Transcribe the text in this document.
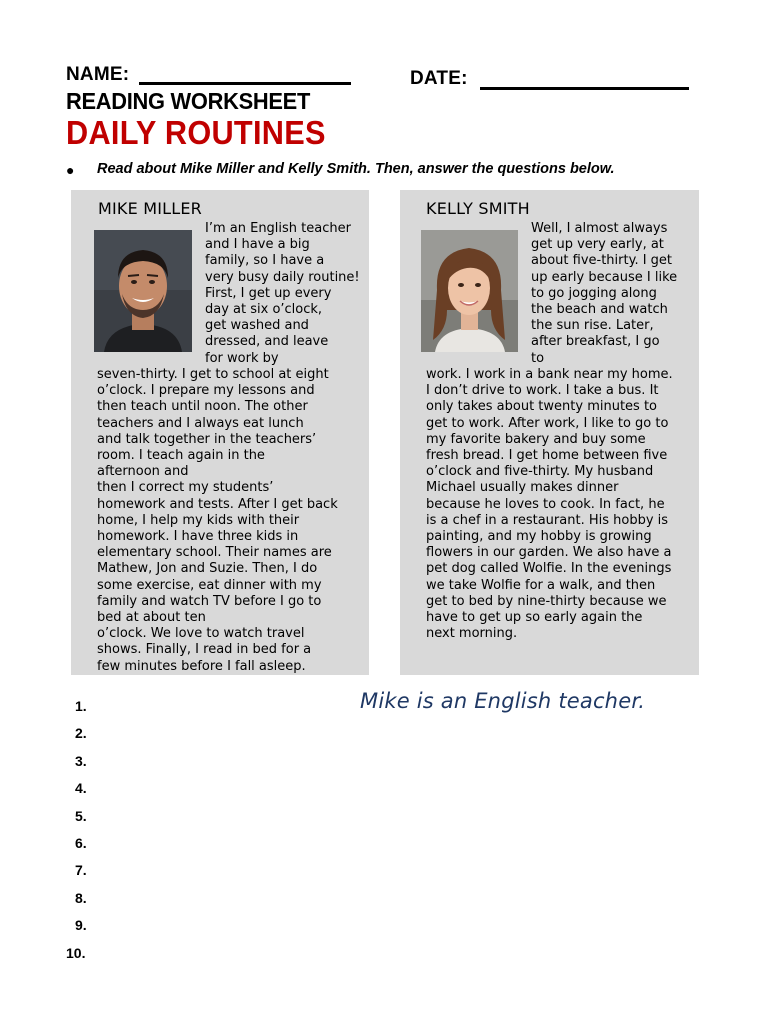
NAME:	DATE:
READING WORKSHEET
DAILY ROUTINES
● Read about Mike Miller and Kelly Smith. Then, answer the questions below.
MIKE MILLER
I’m an English teacher
and I have a big
family, so I have a
very busy daily routine!
First, I get up every
day at six o’clock,
get washed and
dressed, and leave
for work by
seven-thirty. I get to school at eight
o’clock. I prepare my lessons and
then teach until noon. The other
teachers and I always eat lunch
and talk together in the teachers’
room. I teach again in the
afternoon and
then I correct my students’
homework and tests. After I get back
home, I help my kids with their
homework. I have three kids in
elementary school. Their names are
Mathew, Jon and Suzie. Then, I do
some exercise, eat dinner with my
family and watch TV before I go to
bed at about ten
o’clock. We love to watch travel
shows. Finally, I read in bed for a
few minutes before I fall asleep.
KELLY SMITH
Well, I almost always
get up very early, at
about five-thirty. I get
up early because I like
to go jogging along
the beach and watch
the sun rise. Later,
after breakfast, I go
to
work. I work in a bank near my home.
I don’t drive to work. I take a bus. It
only takes about twenty minutes to
get to work. After work, I like to go to
my favorite bakery and buy some
fresh bread. I get home between five
o’clock and five-thirty. My husband
Michael usually makes dinner
because he loves to cook. In fact, he
is a chef in a restaurant. His hobby is
painting, and my hobby is growing
flowers in our garden. We also have a
pet dog called Wolfie. In the evenings
we take Wolfie for a walk, and then
get to bed by nine-thirty because we
have to get up so early again the
next morning.
1.
2.
3.
4.
5.
6.
7.
8.
9.
10.
Mike is an English teacher.
